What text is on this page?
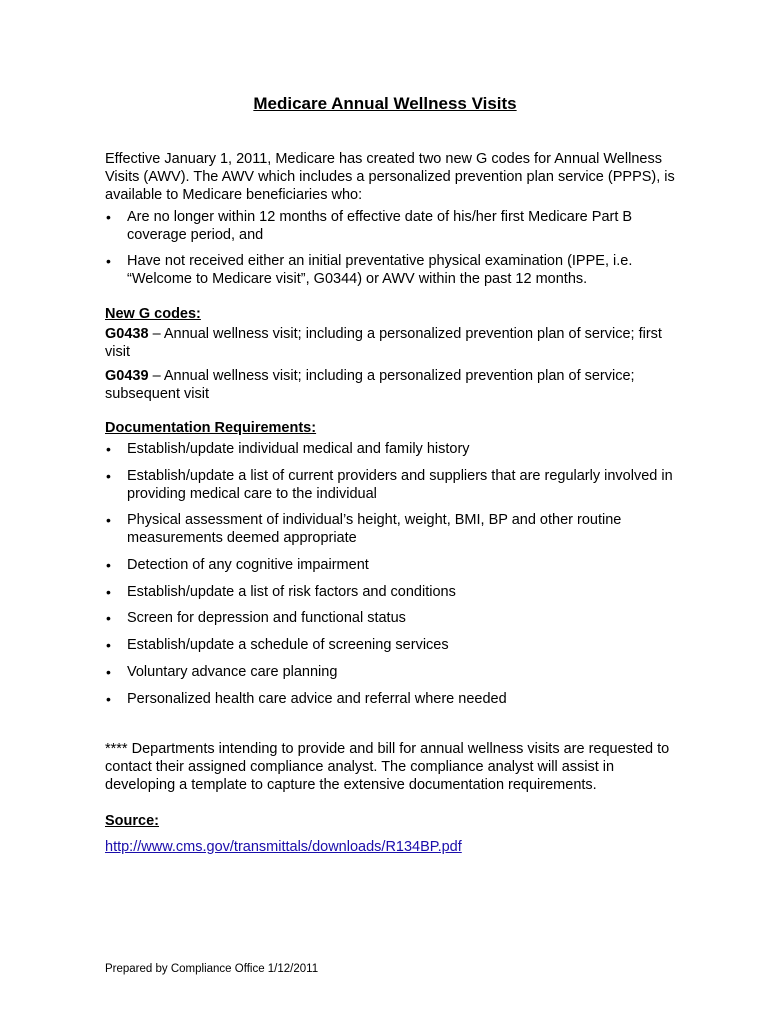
Medicare Annual Wellness Visits

Effective January 1, 2011, Medicare has created two new G codes for Annual Wellness Visits (AWV). The AWV which includes a personalized prevention plan service (PPPS), is available to Medicare beneficiaries who:

• Are no longer within 12 months of effective date of his/her first Medicare Part B coverage period, and
• Have not received either an initial preventative physical examination (IPPE, i.e. “Welcome to Medicare visit”, G0344) or AWV within the past 12 months.

New G codes:

G0438 – Annual wellness visit; including a personalized prevention plan of service; first visit

G0439 – Annual wellness visit; including a personalized prevention plan of service; subsequent visit

Documentation Requirements:

• Establish/update individual medical and family history
• Establish/update a list of current providers and suppliers that are regularly involved in providing medical care to the individual
• Physical assessment of individual’s height, weight, BMI, BP and other routine measurements deemed appropriate
• Detection of any cognitive impairment
• Establish/update a list of risk factors and conditions
• Screen for depression and functional status
• Establish/update a schedule of screening services
• Voluntary advance care planning
• Personalized health care advice and referral where needed

**** Departments intending to provide and bill for annual wellness visits are requested to contact their assigned compliance analyst. The compliance analyst will assist in developing a template to capture the extensive documentation requirements.

Source:

http://www.cms.gov/transmittals/downloads/R134BP.pdf

Prepared by Compliance Office 1/12/2011
